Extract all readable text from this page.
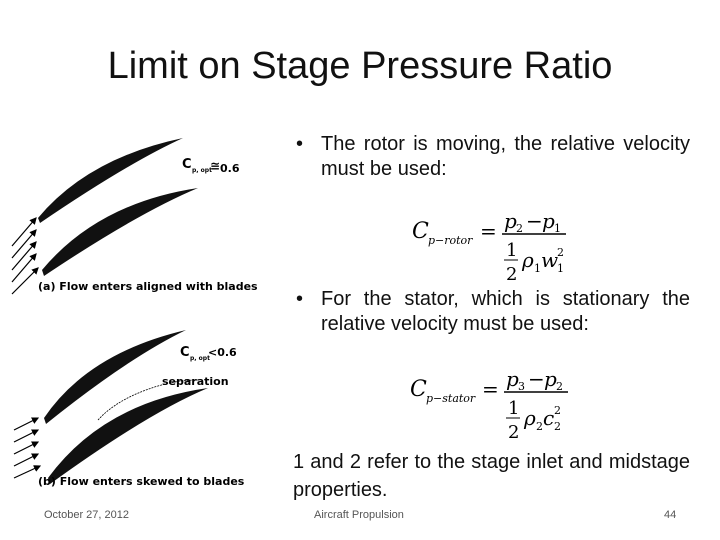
Limit on Stage Pressure Ratio
C p, opt
≅ 0.6
(a) Flow enters aligned with blades
C p, opt
<0.6
separation
(b) Flow enters skewed to blades
• The rotor is moving, the relative velocity must be used:
C p−rotor = p 2 − p 1
1
2
ρ 1 w
1
2
• For the stator, which is stationary the relative velocity must be used:
C p−stator = p 3 − p 2
1
2
ρ 2 c 2
2
1 and 2 refer to the stage inlet and midstage properties.
October 27, 2012	Aircraft Propulsion	44
